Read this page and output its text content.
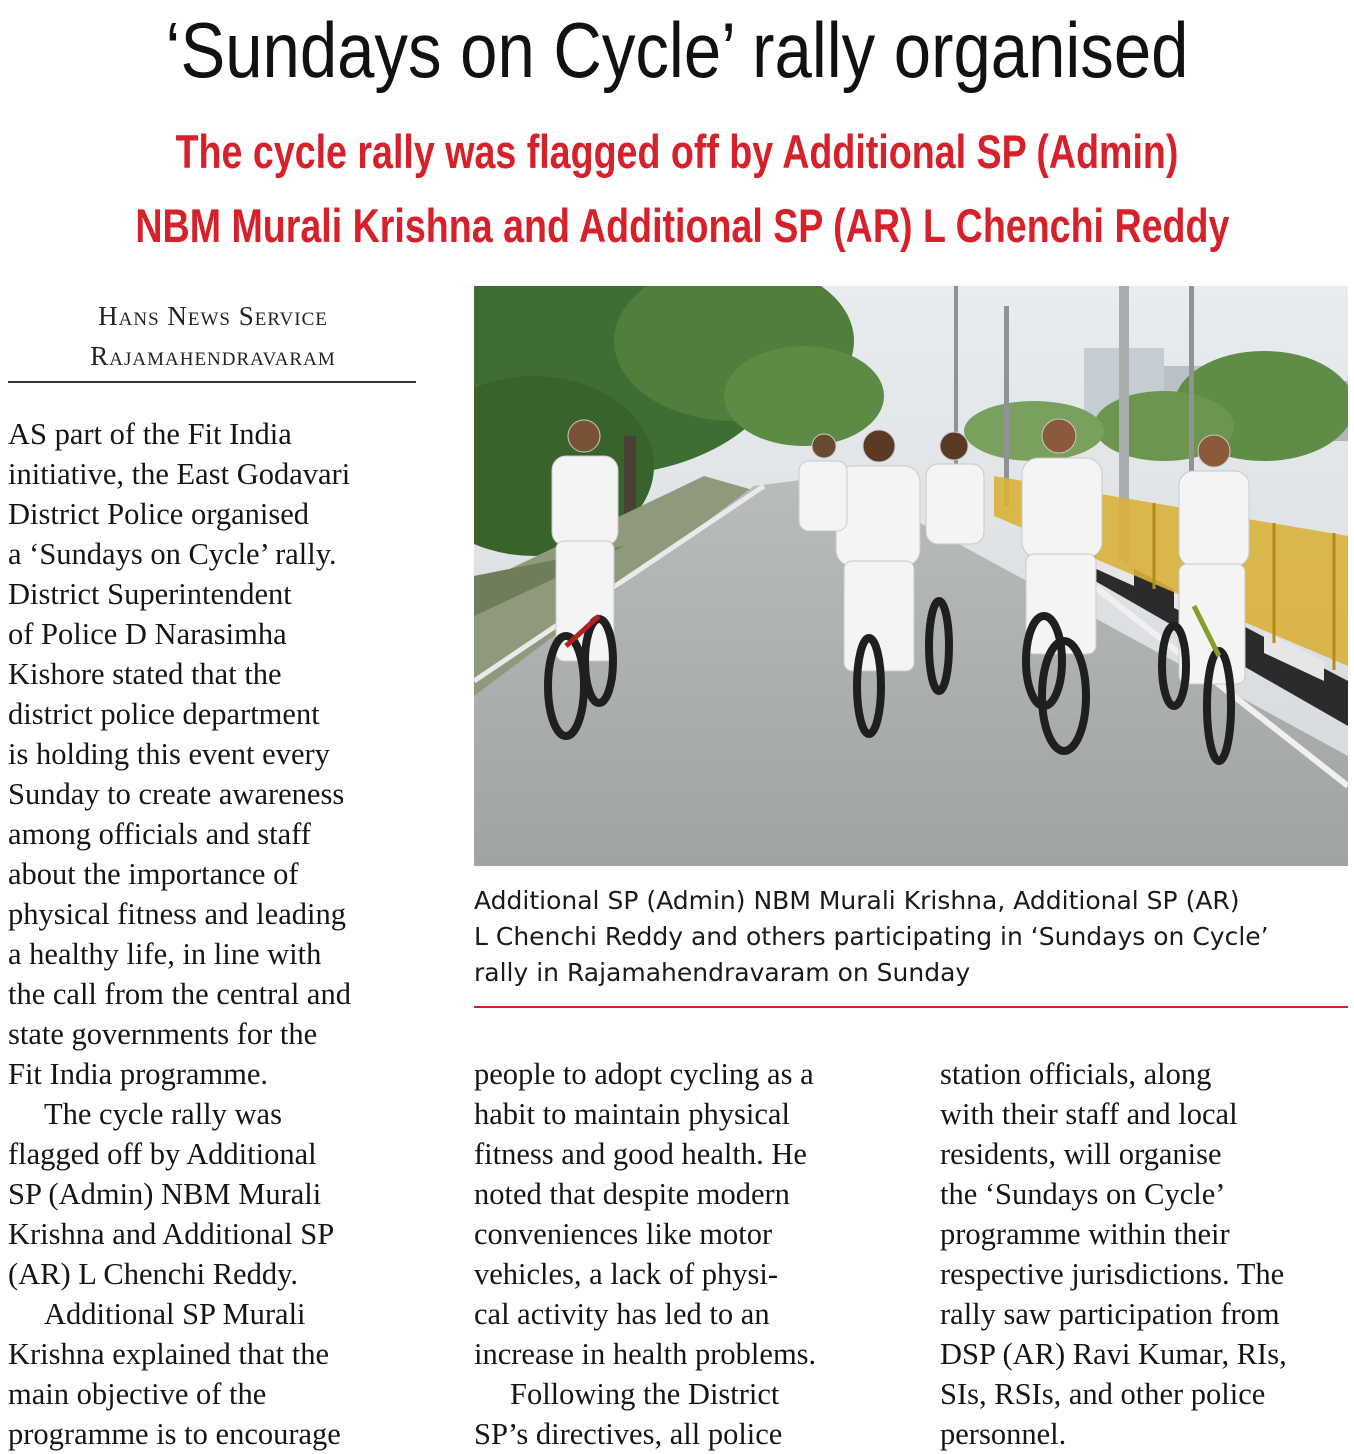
‘Sundays on Cycle’ rally organised
The cycle rally was flagged off by Additional SP (Admin)
NBM Murali Krishna and Additional SP (AR) L Chenchi Reddy
Hans News Service
Rajamahendravaram
AS part of the Fit India
initiative, the East Godavari
District Police organised
a ‘Sundays on Cycle’ rally.
District Superintendent
of Police D Narasimha
Kishore stated that the
district police department
is holding this event every
Sunday to create awareness
among officials and staff
about the importance of
physical fitness and leading
a healthy life, in line with
the call from the central and
state governments for the
Fit India programme.
The cycle rally was
flagged off by Additional
SP (Admin) NBM Murali
Krishna and Additional SP
(AR) L Chenchi Reddy.
Additional SP Murali
Krishna explained that the
main objective of the
programme is to encourage
Additional SP (Admin) NBM Murali Krishna, Additional SP (AR)
L Chenchi Reddy and others participating in ‘Sundays on Cycle’
rally in Rajamahendravaram on Sunday
people to adopt cycling as a
habit to maintain physical
fitness and good health. He
noted that despite modern
conveniences like motor
vehicles, a lack of physi-
cal activity has led to an
increase in health problems.
Following the District
SP’s directives, all police
station officials, along
with their staff and local
residents, will organise
the ‘Sundays on Cycle’
programme within their
respective jurisdictions. The
rally saw participation from
DSP (AR) Ravi Kumar, RIs,
SIs, RSIs, and other police
personnel.
